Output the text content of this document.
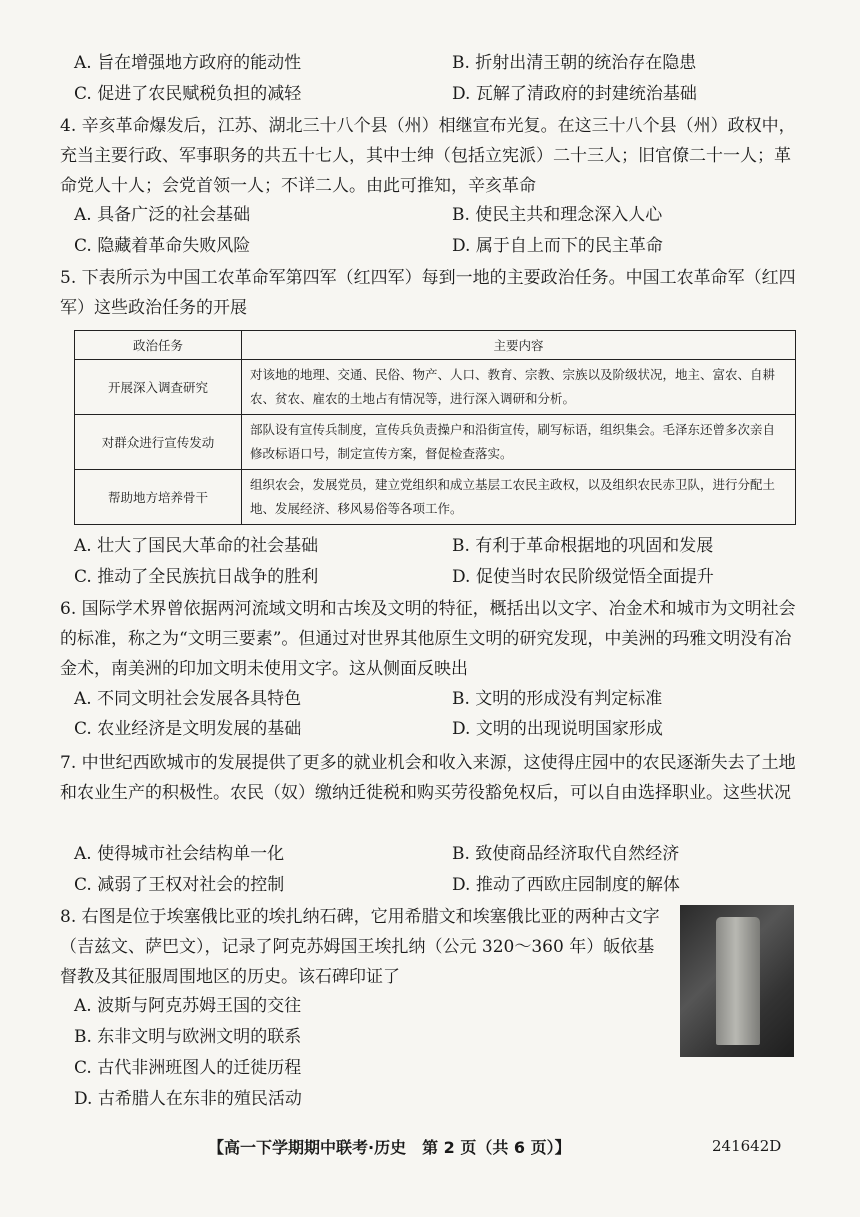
A. 旨在增强地方政府的能动性	B. 折射出清王朝的统治存在隐患
C. 促进了农民赋税负担的减轻	D. 瓦解了清政府的封建统治基础
4. 辛亥革命爆发后，江苏、湖北三十八个县（州）相继宣布光复。在这三十八个县（州）政权中，充当主要行政、军事职务的共五十七人，其中士绅（包括立宪派）二十三人；旧官僚二十一人；革命党人十人；会党首领一人；不详二人。由此可推知，辛亥革命
A. 具备广泛的社会基础	B. 使民主共和理念深入人心
C. 隐藏着革命失败风险	D. 属于自上而下的民主革命
5. 下表所示为中国工农革命军第四军（红四军）每到一地的主要政治任务。中国工农革命军（红四军）这些政治任务的开展
政治任务	主要内容
开展深入调查研究	对该地的地理、交通、民俗、物产、人口、教育、宗教、宗族以及阶级状况，地主、富农、自耕农、贫农、雇农的土地占有情况等，进行深入调研和分析。
对群众进行宣传发动	部队设有宣传兵制度，宣传兵负责操户和沿街宣传，刷写标语，组织集会。毛泽东还曾多次亲自修改标语口号，制定宣传方案，督促检查落实。
帮助地方培养骨干	组织农会，发展党员，建立党组织和成立基层工农民主政权，以及组织农民赤卫队，进行分配土地、发展经济、移风易俗等各项工作。
A. 壮大了国民大革命的社会基础	B. 有利于革命根据地的巩固和发展
C. 推动了全民族抗日战争的胜利	D. 促使当时农民阶级觉悟全面提升
6. 国际学术界曾依据两河流域文明和古埃及文明的特征，概括出以文字、冶金术和城市为文明社会的标准，称之为“文明三要素”。但通过对世界其他原生文明的研究发现，中美洲的玛雅文明没有冶金术，南美洲的印加文明未使用文字。这从侧面反映出
A. 不同文明社会发展各具特色	B. 文明的形成没有判定标准
C. 农业经济是文明发展的基础	D. 文明的出现说明国家形成
7. 中世纪西欧城市的发展提供了更多的就业机会和收入来源，这使得庄园中的农民逐渐失去了土地和农业生产的积极性。农民（奴）缴纳迁徙税和购买劳役豁免权后，可以自由选择职业。这些状况
A. 使得城市社会结构单一化	B. 致使商品经济取代自然经济
C. 减弱了王权对社会的控制	D. 推动了西欧庄园制度的解体
8. 右图是位于埃塞俄比亚的埃扎纳石碑，它用希腊文和埃塞俄比亚的两种古文字（吉兹文、萨巴文），记录了阿克苏姆国王埃扎纳（公元 320～360 年）皈依基督教及其征服周围地区的历史。该石碑印证了
A. 波斯与阿克苏姆王国的交往
B. 东非文明与欧洲文明的联系
C. 古代非洲班图人的迁徙历程
D. 古希腊人在东非的殖民活动
【高一下学期期中联考·历史　第 2 页（共 6 页）】	241642D
